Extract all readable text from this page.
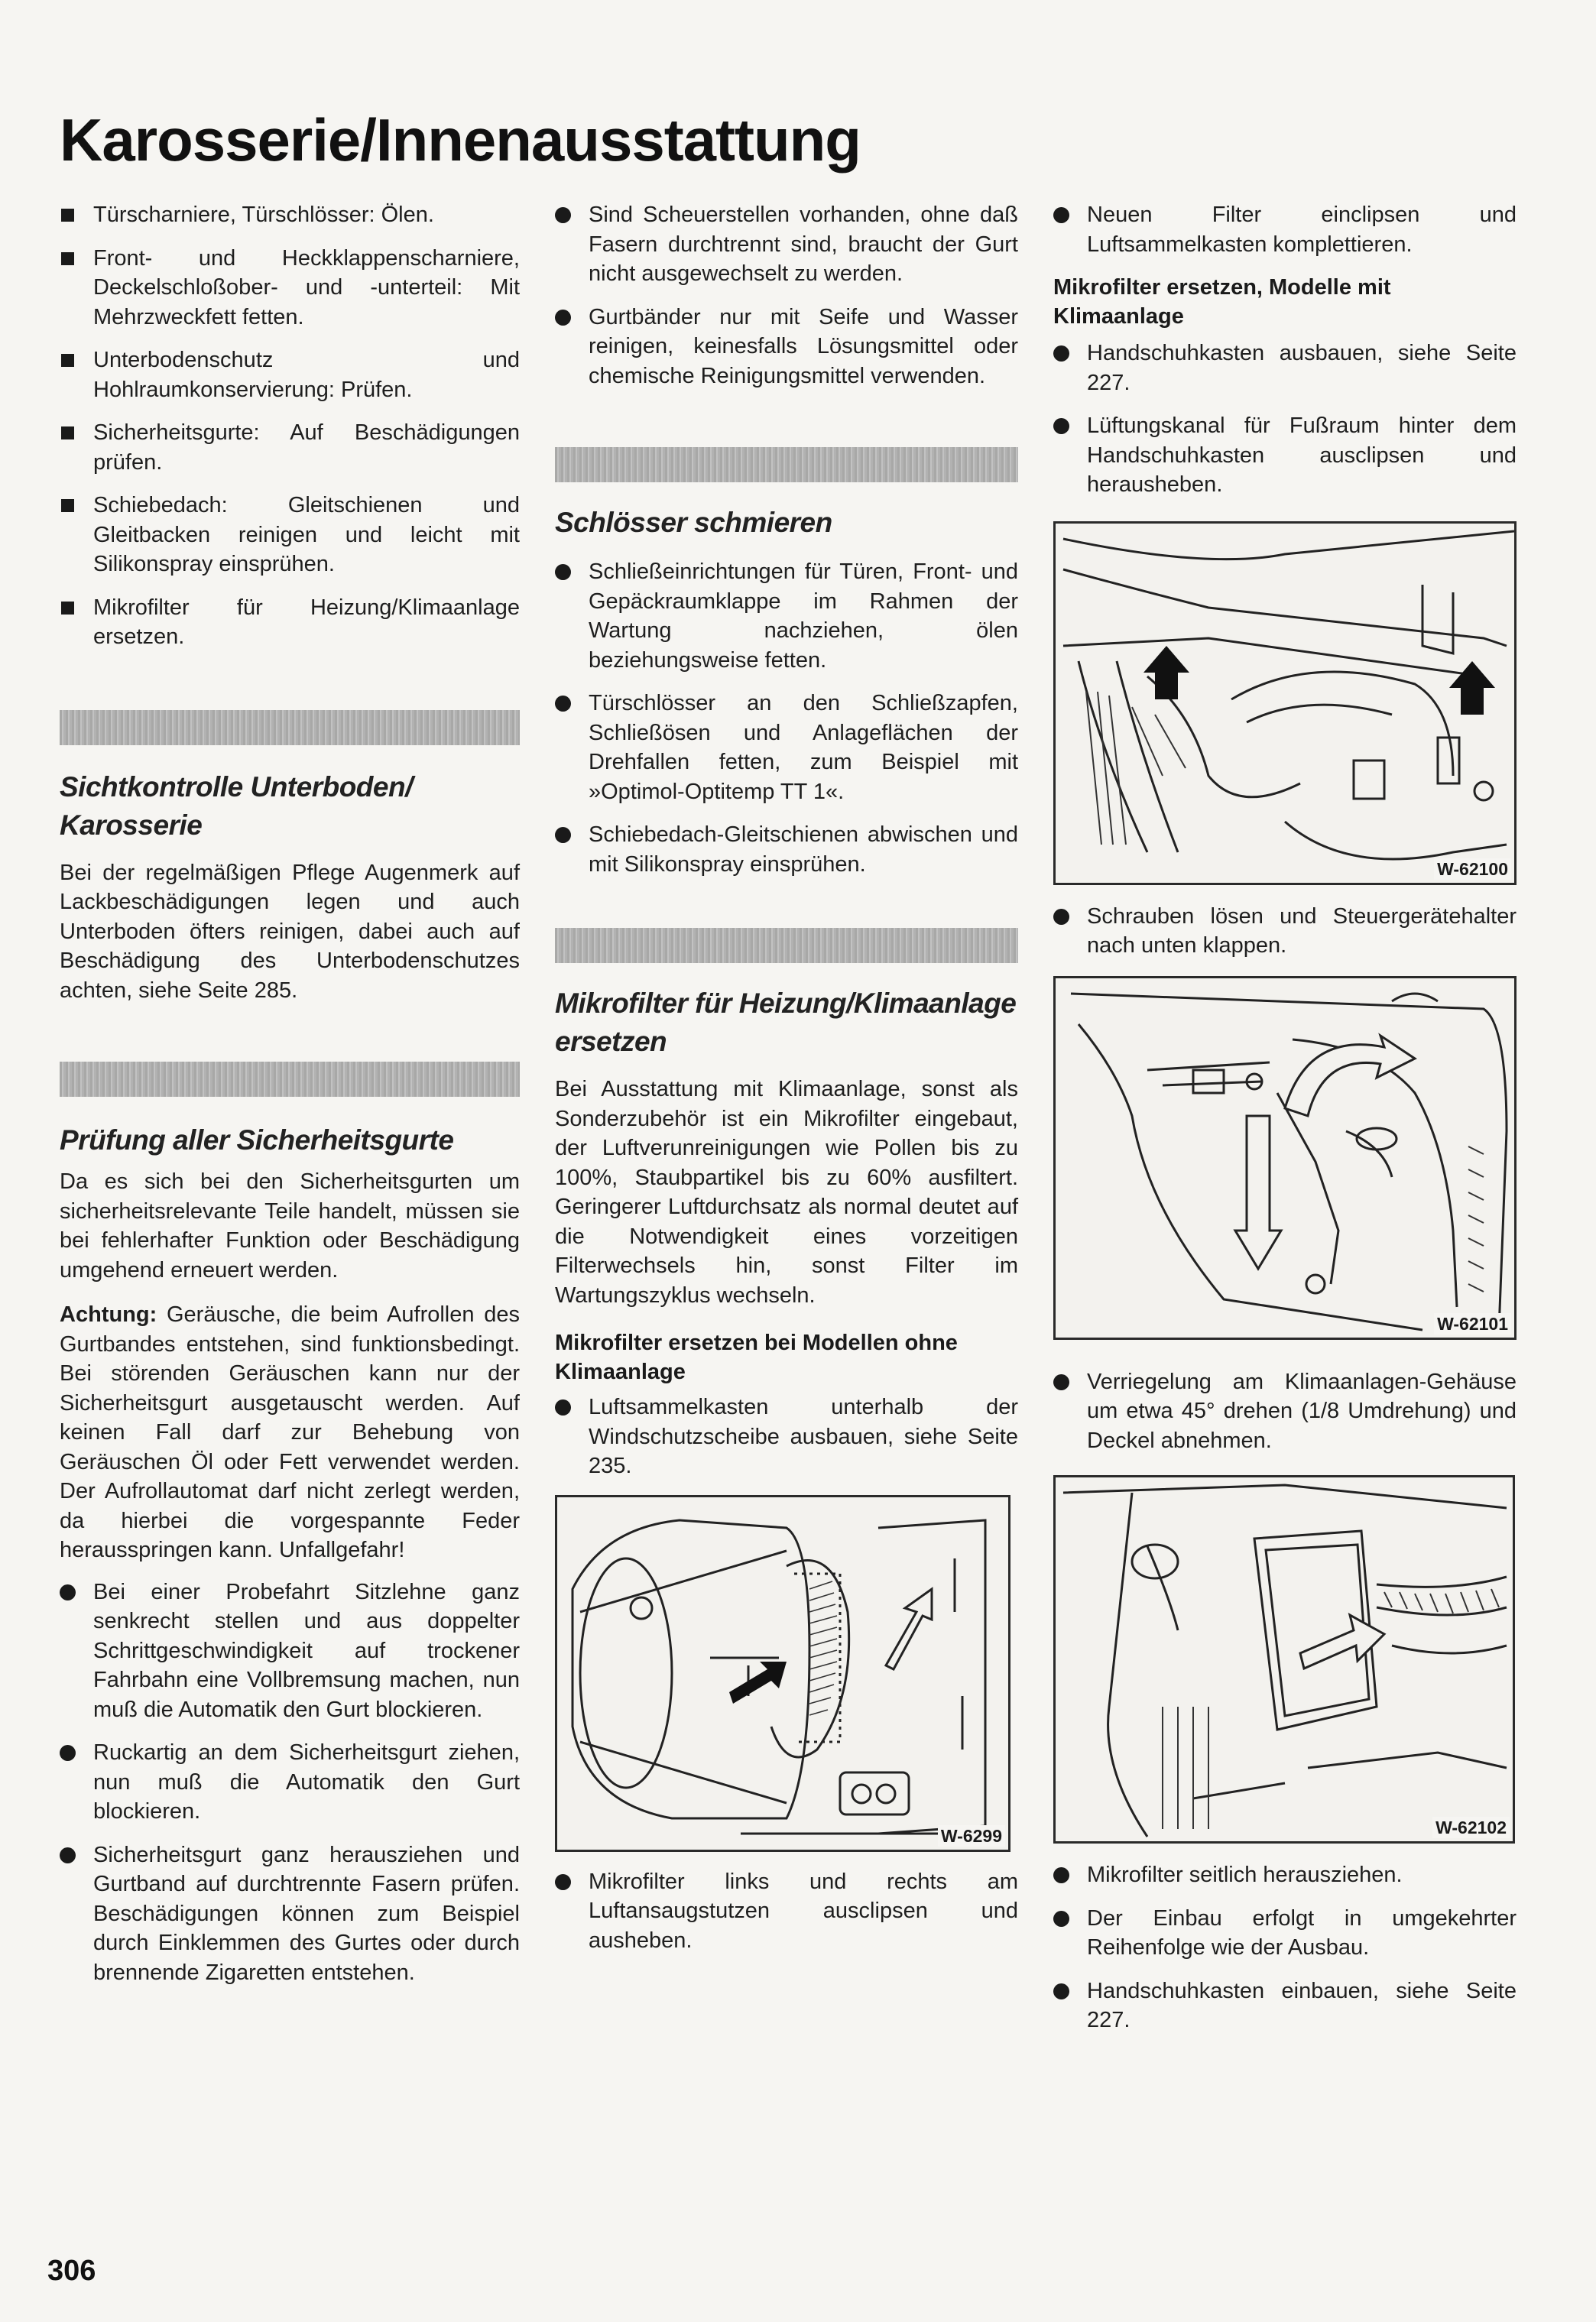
Karosserie/Innenausstattung
Türscharniere, Türschlösser: Ölen.
Front- und Heckklappenscharniere, Deckelschloßober- und -unterteil: Mit Mehrzweckfett fetten.
Unterbodenschutz und Hohlraumkonservierung: Prüfen.
Sicherheitsgurte: Auf Beschädigungen prüfen.
Schiebedach: Gleitschienen und Gleitbacken reinigen und leicht mit Silikonspray einsprühen.
Mikrofilter für Heizung/Klimaanlage ersetzen.
Sichtkontrolle Unterboden/ Karosserie

Bei der regelmäßigen Pflege Augenmerk auf Lackbeschädigungen legen und auch Unterboden öfters reinigen, dabei auch auf Beschädigung des Unterbodenschutzes achten, siehe Seite 285.

Prüfung aller Sicherheitsgurte

Da es sich bei den Sicherheitsgurten um sicherheitsrelevante Teile handelt, müssen sie bei fehlerhafter Funktion oder Beschädigung umgehend erneuert werden.

Achtung: Geräusche, die beim Aufrollen des Gurtbandes entstehen, sind funktionsbedingt. Bei störenden Geräuschen kann nur der Sicherheitsgurt ausgetauscht werden. Auf keinen Fall darf zur Behebung von Geräuschen Öl oder Fett verwendet werden. Der Aufrollautomat darf nicht zerlegt werden, da hierbei die vorgespannte Feder herausspringen kann. Unfallgefahr!

Bei einer Probefahrt Sitzlehne ganz senkrecht stellen und aus doppelter Schrittgeschwindigkeit auf trockener Fahrbahn eine Vollbremsung machen, nun muß die Automatik den Gurt blockieren.
Ruckartig an dem Sicherheitsgurt ziehen, nun muß die Automatik den Gurt blockieren.
Sicherheitsgurt ganz herausziehen und Gurtband auf durchtrennte Fasern prüfen. Beschädigungen können zum Beispiel durch Einklemmen des Gurtes oder durch brennende Zigaretten entstehen.
Sind Scheuerstellen vorhanden, ohne daß Fasern durchtrennt sind, braucht der Gurt nicht ausgewechselt zu werden.
Gurtbänder nur mit Seife und Wasser reinigen, keinesfalls Lösungsmittel oder chemische Reinigungsmittel verwenden.
Schlösser schmieren
Schließeinrichtungen für Türen, Front- und Gepäckraumklappe im Rahmen der Wartung nachziehen, ölen beziehungsweise fetten.
Türschlösser an den Schließzapfen, Schließösen und Anlageflächen der Drehfallen fetten, zum Beispiel mit »Optimol-Optitemp TT 1«.
Schiebedach-Gleitschienen abwischen und mit Silikonspray einsprühen.
Mikrofilter für Heizung/Klimaanlage ersetzen

Bei Ausstattung mit Klimaanlage, sonst als Sonderzubehör ist ein Mikrofilter eingebaut, der Luftverunreinigungen wie Pollen bis zu 100%, Staubpartikel bis zu 60% ausfiltert. Geringerer Luftdurchsatz als normal deutet auf die Notwendigkeit eines vorzeitigen Filterwechsels hin, sonst Filter im Wartungszyklus wechseln.

Mikrofilter ersetzen bei Modellen ohne Klimaanlage
Luftsammelkasten unterhalb der Windschutzscheibe ausbauen, siehe Seite 235.
W-6299
Mikrofilter links und rechts am Luftansaugstutzen ausclipsen und ausheben.
Neuen Filter einclipsen und Luftsammelkasten komplettieren.
Mikrofilter ersetzen, Modelle mit Klimaanlage
Handschuhkasten ausbauen, siehe Seite 227.
Lüftungskanal für Fußraum hinter dem Handschuhkasten ausclipsen und herausheben.
W-62100
Schrauben lösen und Steuergerätehalter nach unten klappen.
W-62101
Verriegelung am Klimaanlagen-Gehäuse um etwa 45° drehen (1/8 Umdrehung) und Deckel abnehmen.
W-62102
Mikrofilter seitlich herausziehen.
Der Einbau erfolgt in umgekehrter Reihenfolge wie der Ausbau.
Handschuhkasten einbauen, siehe Seite 227.
306
